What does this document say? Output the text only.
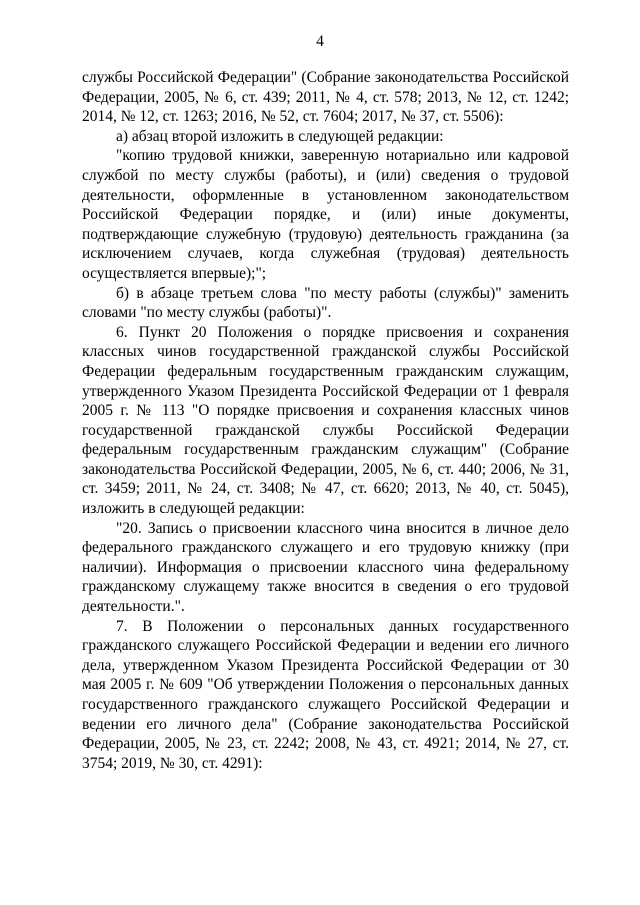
4

службы Российской Федерации" (Собрание законодательства Российской Федерации, 2005, № 6, ст. 439; 2011, № 4, ст. 578; 2013, № 12, ст. 1242; 2014, № 12, ст. 1263; 2016, № 52, ст. 7604; 2017, № 37, ст. 5506):

а) абзац второй изложить в следующей редакции:

"копию трудовой книжки, заверенную нотариально или кадровой службой по месту службы (работы), и (или) сведения о трудовой деятельности, оформленные в установленном законодательством Российской Федерации порядке, и (или) иные документы, подтверждающие служебную (трудовую) деятельность гражданина (за исключением случаев, когда служебная (трудовая) деятельность осуществляется впервые);";

б) в абзаце третьем слова "по месту работы (службы)" заменить словами "по месту службы (работы)".

6. Пункт 20 Положения о порядке присвоения и сохранения классных чинов государственной гражданской службы Российской Федерации федеральным государственным гражданским служащим, утвержденного Указом Президента Российской Федерации от 1 февраля 2005 г. № 113 "О порядке присвоения и сохранения классных чинов государственной гражданской службы Российской Федерации федеральным государственным гражданским служащим" (Собрание законодательства Российской Федерации, 2005, № 6, ст. 440; 2006, № 31, ст. 3459; 2011, № 24, ст. 3408; № 47, ст. 6620; 2013, № 40, ст. 5045), изложить в следующей редакции:

"20. Запись о присвоении классного чина вносится в личное дело федерального гражданского служащего и его трудовую книжку (при наличии). Информация о присвоении классного чина федеральному гражданскому служащему также вносится в сведения о его трудовой деятельности.".

7. В Положении о персональных данных государственного гражданского служащего Российской Федерации и ведении его личного дела, утвержденном Указом Президента Российской Федерации от 30 мая 2005 г. № 609 "Об утверждении Положения о персональных данных государственного гражданского служащего Российской Федерации и ведении его личного дела" (Собрание законодательства Российской Федерации, 2005, № 23, ст. 2242; 2008, № 43, ст. 4921; 2014, № 27, ст. 3754; 2019, № 30, ст. 4291):
